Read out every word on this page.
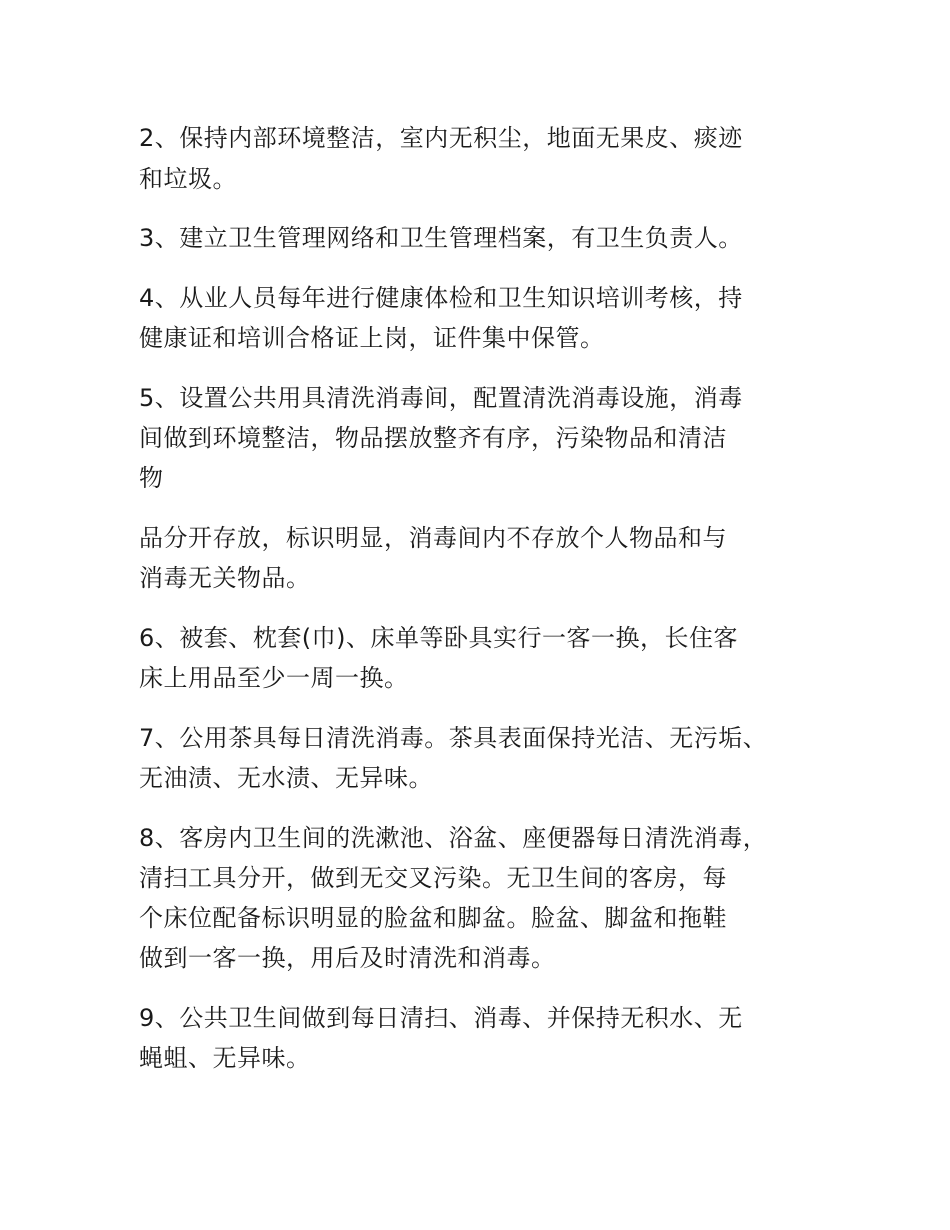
2、保持内部环境整洁，室内无积尘，地面无果皮、痰迹
和垃圾。
3、建立卫生管理网络和卫生管理档案，有卫生负责人。
4、从业人员每年进行健康体检和卫生知识培训考核，持
健康证和培训合格证上岗，证件集中保管。
5、设置公共用具清洗消毒间，配置清洗消毒设施，消毒
间做到环境整洁，物品摆放整齐有序，污染物品和清洁
物
品分开存放，标识明显，消毒间内不存放个人物品和与
消毒无关物品。
6、被套、枕套(巾)、床单等卧具实行一客一换，长住客
床上用品至少一周一换。
7、公用茶具每日清洗消毒。茶具表面保持光洁、无污垢、
无油渍、无水渍、无异味。
8、客房内卫生间的洗漱池、浴盆、座便器每日清洗消毒，
清扫工具分开，做到无交叉污染。无卫生间的客房，每
个床位配备标识明显的脸盆和脚盆。脸盆、脚盆和拖鞋
做到一客一换，用后及时清洗和消毒。
9、公共卫生间做到每日清扫、消毒、并保持无积水、无
蝇蛆、无异味。
